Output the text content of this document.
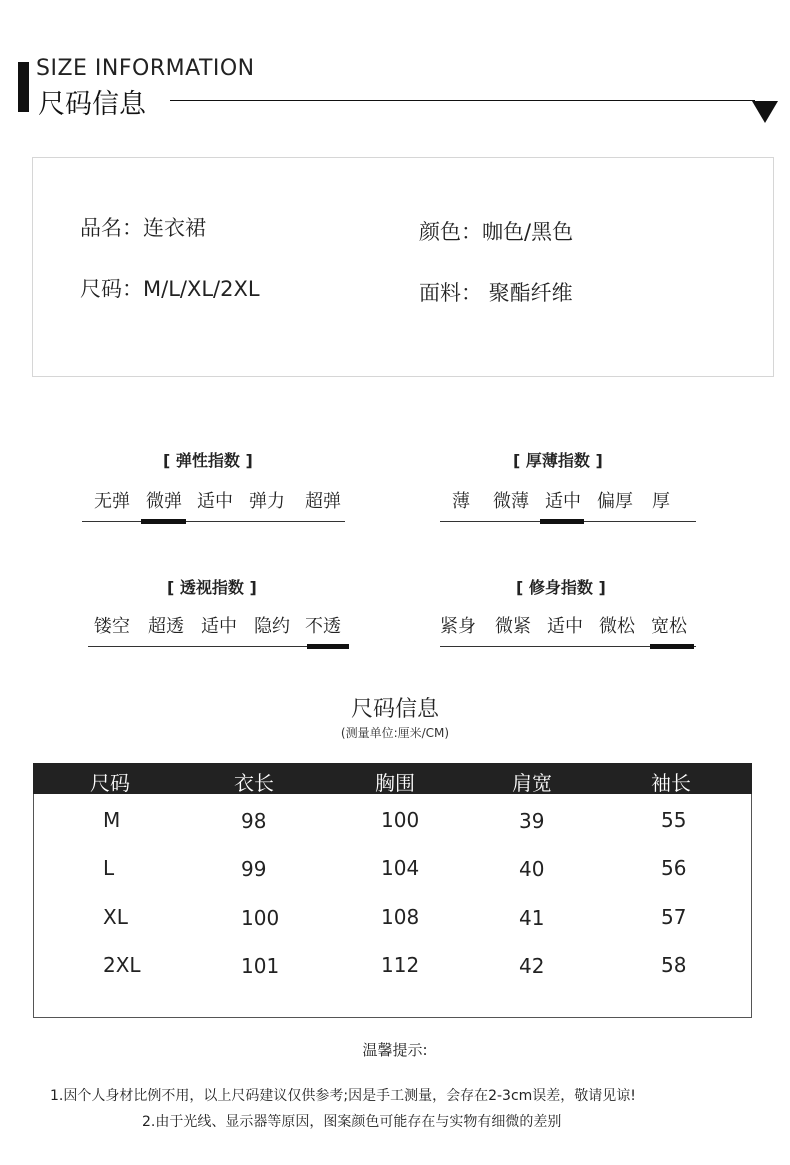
SIZE INFORMATION
尺码信息
品名：连衣裙	颜色：咖色/黑色
尺码：M/L/XL/2XL	面料： 聚酯纤维
[ 弹性指数 ]
无弹 微弹 适中 弹力 超弹
[ 厚薄指数 ]
薄 微薄 适中 偏厚 厚
[ 透视指数 ]
镂空 超透 适中 隐约 不透
[ 修身指数 ]
紧身 微紧 适中 微松 宽松
尺码信息
(测量单位:厘米/CM)
尺码	衣长	胸围	肩宽	袖长
M	98	100	39	55
L	99	104	40	56
XL	100	108	41	57
2XL	101	112	42	58
温馨提示:
1.因个人身材比例不用，以上尺码建议仅供参考;因是手工测量，会存在2-3cm误差，敬请见谅!
2.由于光线、显示器等原因，图案颜色可能存在与实物有细微的差别
